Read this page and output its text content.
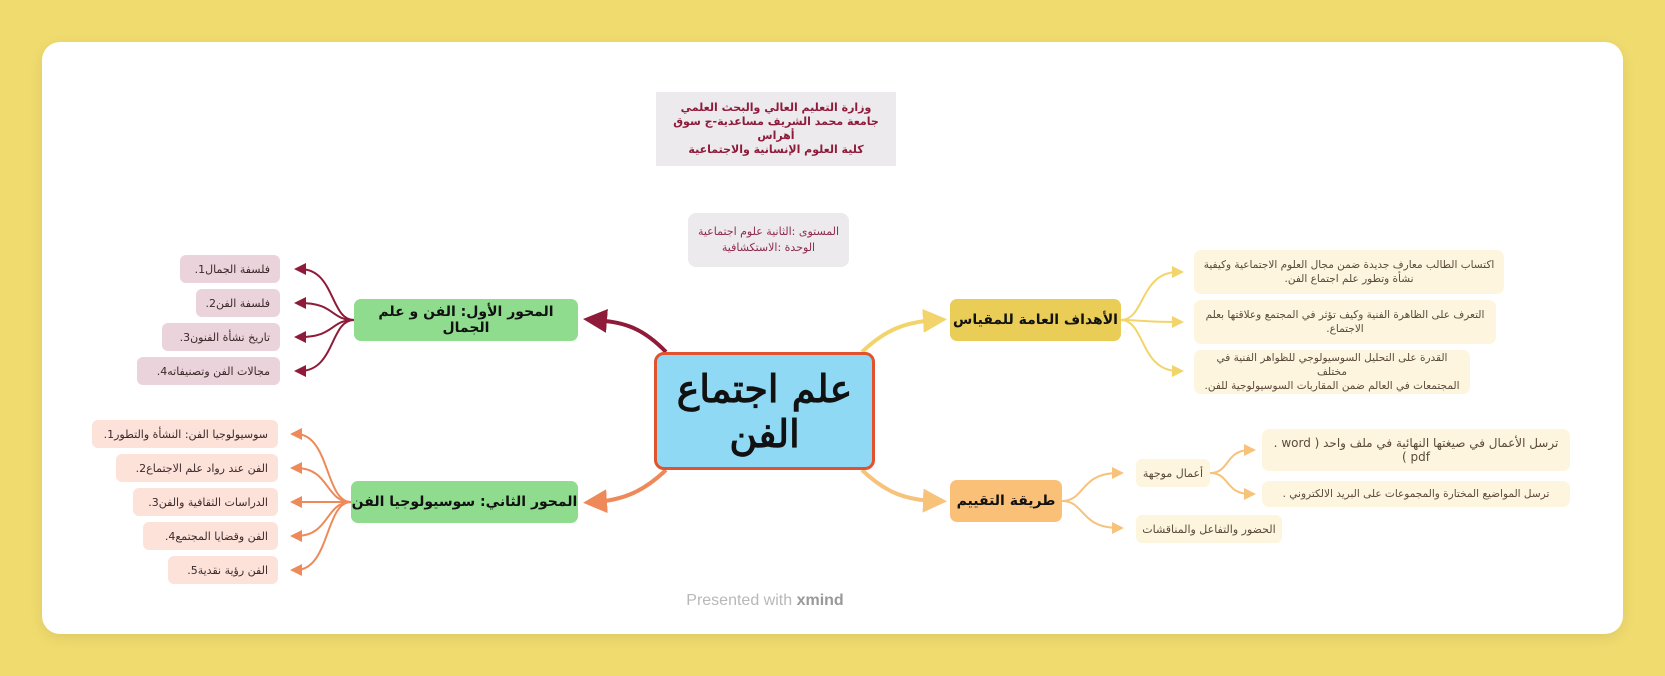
وزارة التعليم العالي والبحث العلمي
جامعة محمد الشريف مساعدية-ج سوق أهراس
كلية العلوم الإنسانية والاجتماعية
المستوى :الثانية علوم اجتماعية
الوحدة :الاستكشافية
علم اجتماع الفن
المحور الأول: الفن و علم الجمال
فلسفة الجمال
1.
فلسفة الفن
2.
تاريخ نشأة الفنون
3.
مجالات الفن وتصنيفاته
4.
المحور الثاني: سوسيولوجيا الفن
سوسيولوجيا الفن: النشأة والتطور
1.
الفن عند رواد علم الاجتماع
2.
الدراسات الثقافية والفن
3.
الفن وقضايا المجتمع
4.
الفن رؤية نقدية
5.
الأهداف العامة للمقياس
اكتساب الطالب معارف جديدة ضمن مجال العلوم الاجتماعية وكيفية
نشأة وتطور علم اجتماع الفن.
التعرف على الظاهرة الفنية وكيف تؤثر في المجتمع وعلاقتها بعلم
الاجتماع.
القدرة على التحليل السوسيولوجي للظواهر الفنية في مختلف
المجتمعات في العالم ضمن المقاربات السوسيولوجية للفن.
طريقة التقييم
أعمال موجهة
ترسل الأعمال في صيغتها النهائية في ملف واحد ( word .
pdf )
ترسل المواضيع المختارة والمجموعات على البريد الالكتروني .
الحضور والتفاعل والمناقشات
Presented with xmind
